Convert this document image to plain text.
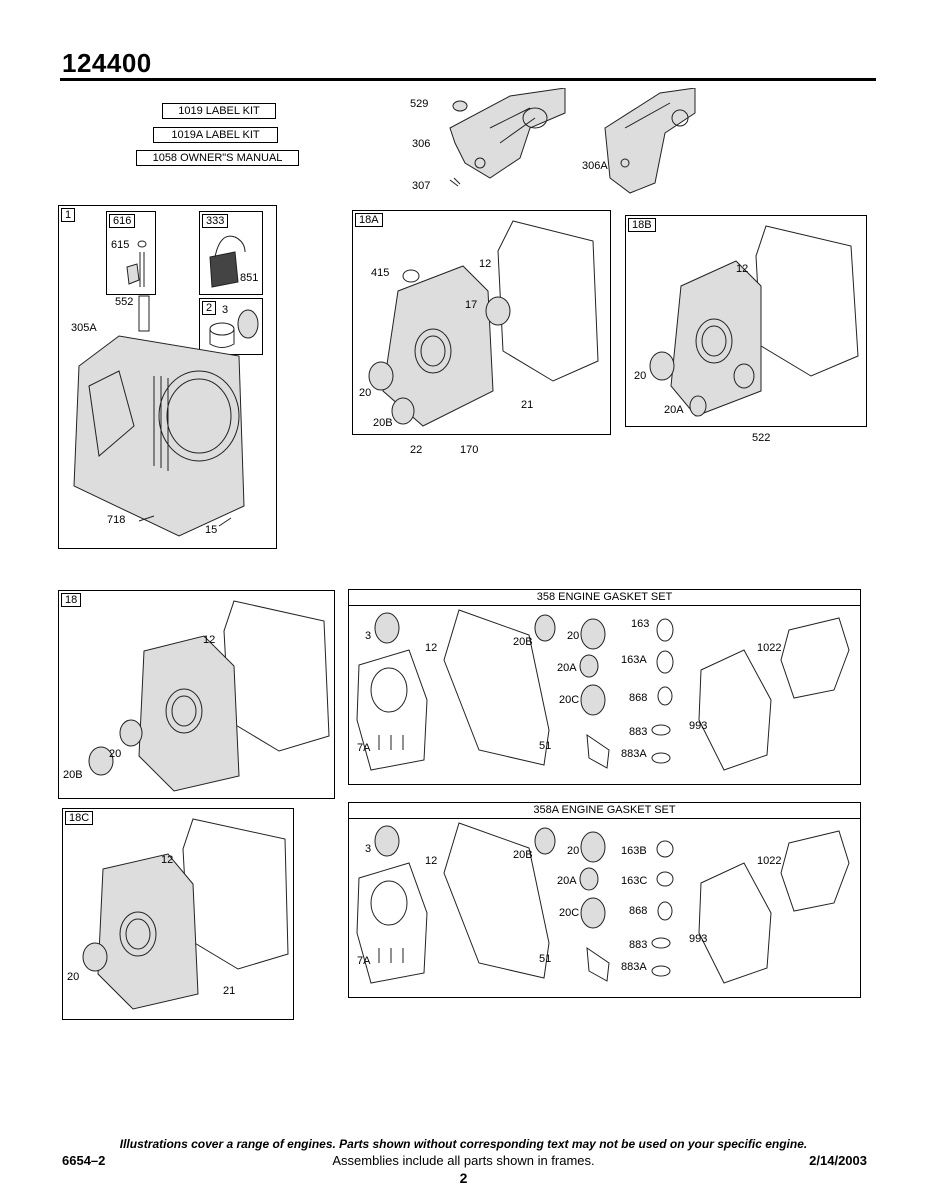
124400
1019 LABEL KIT
1019A LABEL KIT
1058 OWNER"S MANUAL
529
306
306A
307
1	616
615
333
851
2 3
552
305A
718
15
18A
415
12
17
20
20B
21
22	170
18B
12
20
20A
522
18
12
20
20B
18C
12
20
21
358 ENGINE GASKET SET
3
12	20B	20
163
1022
20A
163A
20C	868
883	993
7A	51
883A
358A ENGINE GASKET SET
3
12	20B	20	163B
1022
20A	163C
20C	868
883	993
7A	51
883A
Illustrations cover a range of engines. Parts shown without corresponding text may not be used on your specific engine.
6654–2	Assemblies include all parts shown in frames.	2/14/2003
2
